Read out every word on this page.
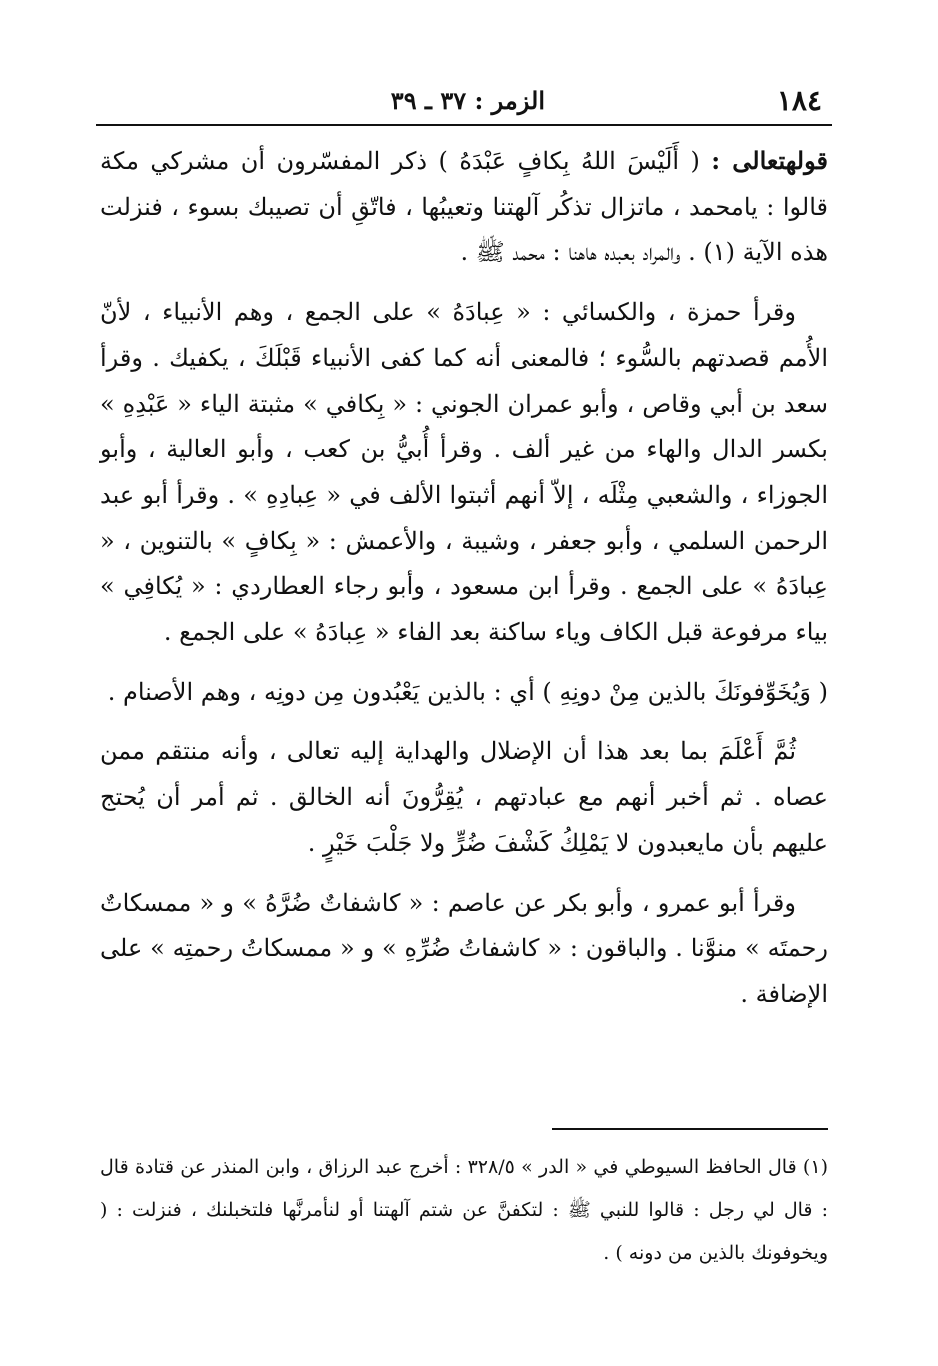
١٨٤
الزمر : ٣٧ ـ ٣٩

قولهتعالى : ( أَلَيْسَ اللهُ بِكافٍ عَبْدَهُ ) ذكر المفسّرون أن مشركي مكة قالوا : يامحمد ، ماتزال تذكُر آلهتنا وتعيبُها ، فاتّقِ أن تصيبك بسوء ، فنزلت هذه الآية (١) . والمراد بعبده هاهنا : محمد ﷺ .

وقرأ حمزة ، والكسائي : « عِبادَهُ » على الجمع ، وهم الأنبياء ، لأنّ الأُمم قصدتهم بالسُّوء ؛ فالمعنى أنه كما كفى الأنبياء قَبْلَكَ ، يكفيك . وقرأ سعد بن أبي وقاص ، وأبو عمران الجوني : « بِكافي » مثبتة الياء « عَبْدِهِ » بكسر الدال والهاء من غير ألف . وقرأ أُبيُّ بن كعب ، وأبو العالية ، وأبو الجوزاء ، والشعبي مِثْلَه ، إلاّ أنهم أثبتوا الألف في « عِبادِهِ » . وقرأ أبو عبد الرحمن السلمي ، وأبو جعفر ، وشيبة ، والأعمش : « بِكافٍ » بالتنوين ، « عِبادَهُ » على الجمع . وقرأ ابن مسعود ، وأبو رجاء العطاردي : « يُكافِي » بياء مرفوعة قبل الكاف وياء ساكنة بعد الفاء « عِبادَهُ » على الجمع .

( وَيُخَوِّفونَكَ بالذين مِنْ دونِهِ ) أي : بالذين يَعْبُدون مِن دونِه ، وهم الأصنام .

ثُمَّ أَعْلَمَ بما بعد هذا أن الإضلال والهداية إليه تعالى ، وأنه منتقم ممن عصاه . ثم أخبر أنهم مع عبادتهم ، يُقِرُّونَ أنه الخالق . ثم أمر أن يُحتج عليهم بأن مايعبدون لا يَمْلِكُ كَشْفَ ضُرٍّ ولا جَلْبَ خَيْرٍ .

وقرأ أبو عمرو ، وأبو بكر عن عاصم : « كاشفاتٌ ضُرَّهُ » و « ممسكاتٌ رحمتَه » منوَّنا . والباقون : « كاشفاتُ ضُرِّهِ » و « ممسكاتُ رحمتِه » على الإضافة .

(١) قال الحافظ السيوطي في « الدر » ٣٢٨/٥ : أخرج عبد الرزاق ، وابن المنذر عن قتادة قال : قال لي رجل : قالوا للنبي ﷺ : لتكفنَّ عن شتم آلهتنا أو لنأمرنَّها فلتخبلنك ، فنزلت : ( ويخوفونك بالذين من دونه ) .
